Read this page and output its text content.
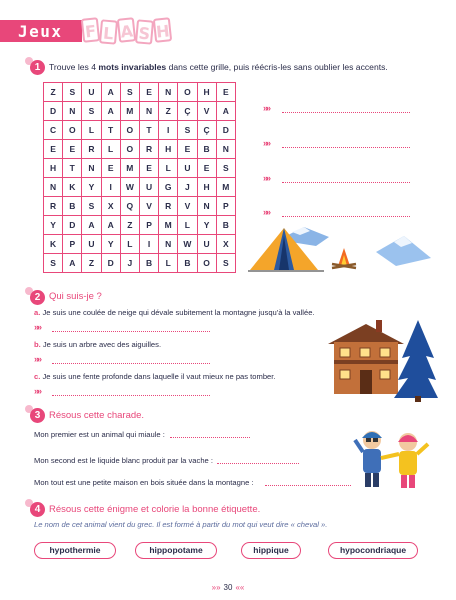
Jeux F L A S H
1	Trouve les 4 mots invariables dans cette grille, puis réécris-les sans oublier les accents.
Z	S	U	A	S	E	N	O	H	E
D	N	S	A	M	N	Z	Ç	V	A
C	O	L	T	O	T	I	S	Ç	D
E	E	R	L	O	R	H	E	B	N
H	T	N	E	M	E	L	U	E	S
N	K	Y	I	W	U	G	J	H	M
R	B	S	X	Q	V	R	V	N	P
Y	D	A	A	Z	P	M	L	Y	B
K	P	U	Y	L	I	N	W	U	X
S	A	Z	D	J	B	L	B	O	S
»»
»»
»»
»»
2 Qui suis-je ?
a. Je suis une coulée de neige qui dévale subitement la montagne jusqu'à la vallée.
»»
b. Je suis un arbre avec des aiguilles.
»»
c. Je suis une fente profonde dans laquelle il vaut mieux ne pas tomber.
»»
3 Résous cette charade.
Mon premier est un animal qui miaule :
Mon second est le liquide blanc produit par la vache :
Mon tout est une petite maison en bois située dans la montagne :
4 Résous cette énigme et colorie la bonne étiquette.
Le nom de cet animal vient du grec. Il est formé à partir du mot qui veut dire « cheval ».
hypothermie	hippopotame	hippique	hypocondriaque
»» 30 ««
